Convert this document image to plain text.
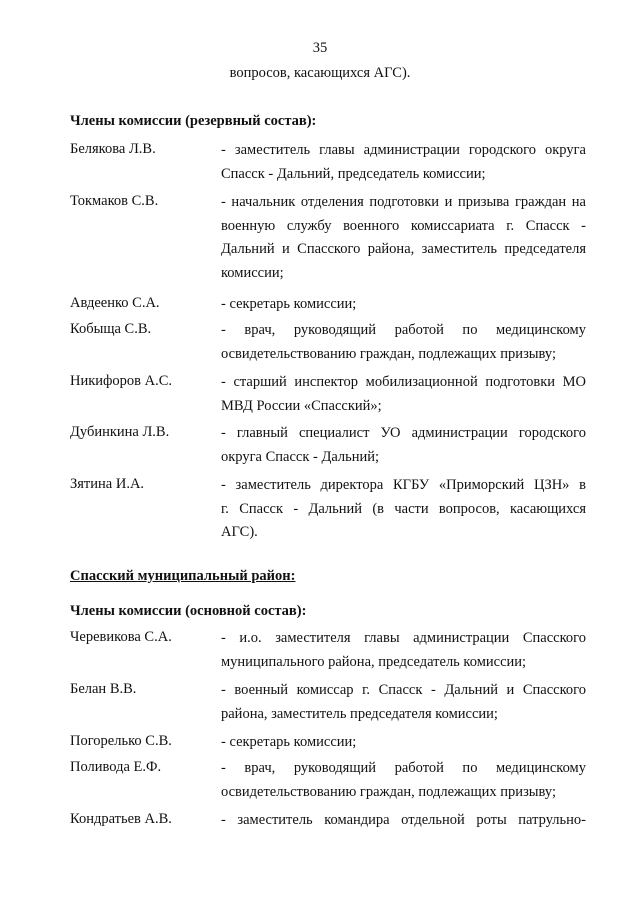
35
вопросов, касающихся АГС).
Члены комиссии (резервный состав):
Белякова Л.В.	- заместитель главы администрации городского округа
Спасск - Дальний, председатель комиссии;
Токмаков С.В.	- начальник отделения подготовки и призыва граждан на
военную службу военного комиссариата г. Спасск -
Дальний и Спасского района, заместитель председателя
комиссии;
Авдеенко С.А.	- секретарь комиссии;
Кобыща С.В.	- врач, руководящий работой по медицинскому
освидетельствованию граждан, подлежащих призыву;
Никифоров А.С.	- старший инспектор мобилизационной подготовки МО
МВД России «Спасский»;
Дубинкина Л.В.	- главный специалист УО администрации городского
округа Спасск - Дальний;
Зятина И.А.	- заместитель директора КГБУ «Приморский ЦЗН» в
г. Спасск - Дальний (в части вопросов, касающихся
АГС).
Спасский муниципальный район:
Члены комиссии (основной состав):
Черевикова С.А.	- и.о. заместителя главы администрации Спасского
муниципального района, председатель комиссии;
Белан В.В.	- военный комиссар г. Спасск - Дальний и Спасского
района, заместитель председателя комиссии;
Погорелько С.В.	- секретарь комиссии;
Поливода Е.Ф.	- врач, руководящий работой по медицинскому
освидетельствованию граждан, подлежащих призыву;
Кондратьев А.В.	- заместитель командира отдельной роты патрульно-
